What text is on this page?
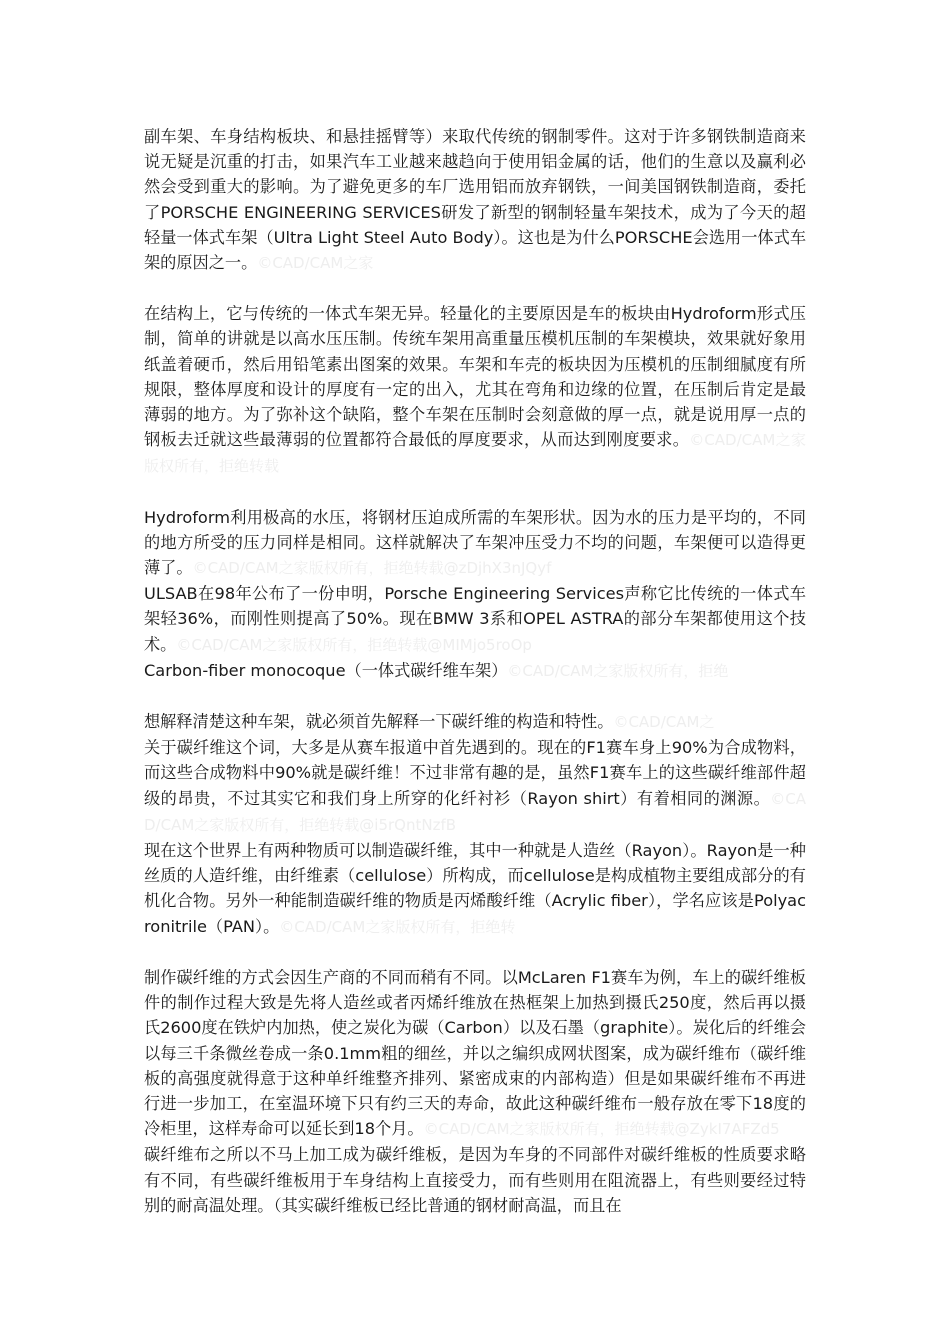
副车架、车身结构板块、和悬挂摇臂等）来取代传统的钢制零件。这对于许多钢铁制造商来说无疑是沉重的打击，如果汽车工业越来越趋向于使用铝金属的话，他们的生意以及赢利必然会受到重大的影响。为了避免更多的车厂选用铝而放弃钢铁，一间美国钢铁制造商，委托了PORSCHE ENGINEERING SERVICES研发了新型的钢制轻量车架技术，成为了今天的超轻量一体式车架（Ultra Light Steel Auto Body）。这也是为什么PORSCHE会选用一体式车架的原因之一。©CAD/CAM之家

在结构上，它与传统的一体式车架无异。轻量化的主要原因是车的板块由Hydroform形式压制，简单的讲就是以高水压压制。传统车架用高重量压模机压制的车架模块，效果就好象用纸盖着硬币，然后用铅笔素出图案的效果。车架和车壳的板块因为压模机的压制细腻度有所规限，整体厚度和设计的厚度有一定的出入，尤其在弯角和边缘的位置，在压制后肯定是最薄弱的地方。为了弥补这个缺陷，整个车架在压制时会刻意做的厚一点，就是说用厚一点的钢板去迁就这些最薄弱的位置都符合最低的厚度要求，从而达到刚度要求。©CAD/CAM之家版权所有，拒绝转载

Hydroform利用极高的水压，将钢材压迫成所需的车架形状。因为水的压力是平均的，不同的地方所受的压力同样是相同。这样就解决了车架冲压受力不均的问题，车架便可以造得更薄了。©CAD/CAM之家版权所有，拒绝转载@zDjhX3nJQyf

ULSAB在98年公布了一份申明，Porsche Engineering Services声称它比传统的一体式车架轻36%，而刚性则提高了50%。现在BMW 3系和OPEL ASTRA的部分车架都使用这个技术。©CAD/CAM之家版权所有，拒绝转载@MIMjo5roOp

Carbon-fiber monocoque（一体式碳纤维车架）©CAD/CAM之家版权所有，拒绝

想解释清楚这种车架，就必须首先解释一下碳纤维的构造和特性。©CAD/CAM之

关于碳纤维这个词，大多是从赛车报道中首先遇到的。现在的F1赛车身上90%为合成物料，而这些合成物料中90%就是碳纤维！不过非常有趣的是，虽然F1赛车上的这些碳纤维部件超级的昂贵，不过其实它和我们身上所穿的化纤衬衫（Rayon shirt）有着相同的渊源。©CAD/CAM之家版权所有，拒绝转载@i5rQntNzfB

现在这个世界上有两种物质可以制造碳纤维，其中一种就是人造丝（Rayon）。Rayon是一种丝质的人造纤维，由纤维素（cellulose）所构成，而cellulose是构成植物主要组成部分的有机化合物。另外一种能制造碳纤维的物质是丙烯酸纤维（Acrylic fiber），学名应该是Polyacronitrile（PAN）。©CAD/CAM之家版权所有，拒绝转

制作碳纤维的方式会因生产商的不同而稍有不同。以McLaren F1赛车为例，车上的碳纤维板件的制作过程大致是先将人造丝或者丙烯纤维放在热框架上加热到摄氏250度，然后再以摄氏2600度在铁炉内加热，使之炭化为碳（Carbon）以及石墨（graphite）。炭化后的纤维会以每三千条微丝卷成一条0.1mm粗的细丝，并以之编织成网状图案，成为碳纤维布（碳纤维板的高强度就得意于这种单纤维整齐排列、紧密成束的内部构造）但是如果碳纤维布不再进行进一步加工，在室温环境下只有约三天的寿命，故此这种碳纤维布一般存放在零下18度的冷柜里，这样寿命可以延长到18个月。©CAD/CAM之家版权所有，拒绝转载@ZykI7AFZd5

碳纤维布之所以不马上加工成为碳纤维板，是因为车身的不同部件对碳纤维板的性质要求略有不同，有些碳纤维板用于车身结构上直接受力，而有些则用在阻流器上，有些则要经过特别的耐高温处理。（其实碳纤维板已经比普通的钢材耐高温，而且在
